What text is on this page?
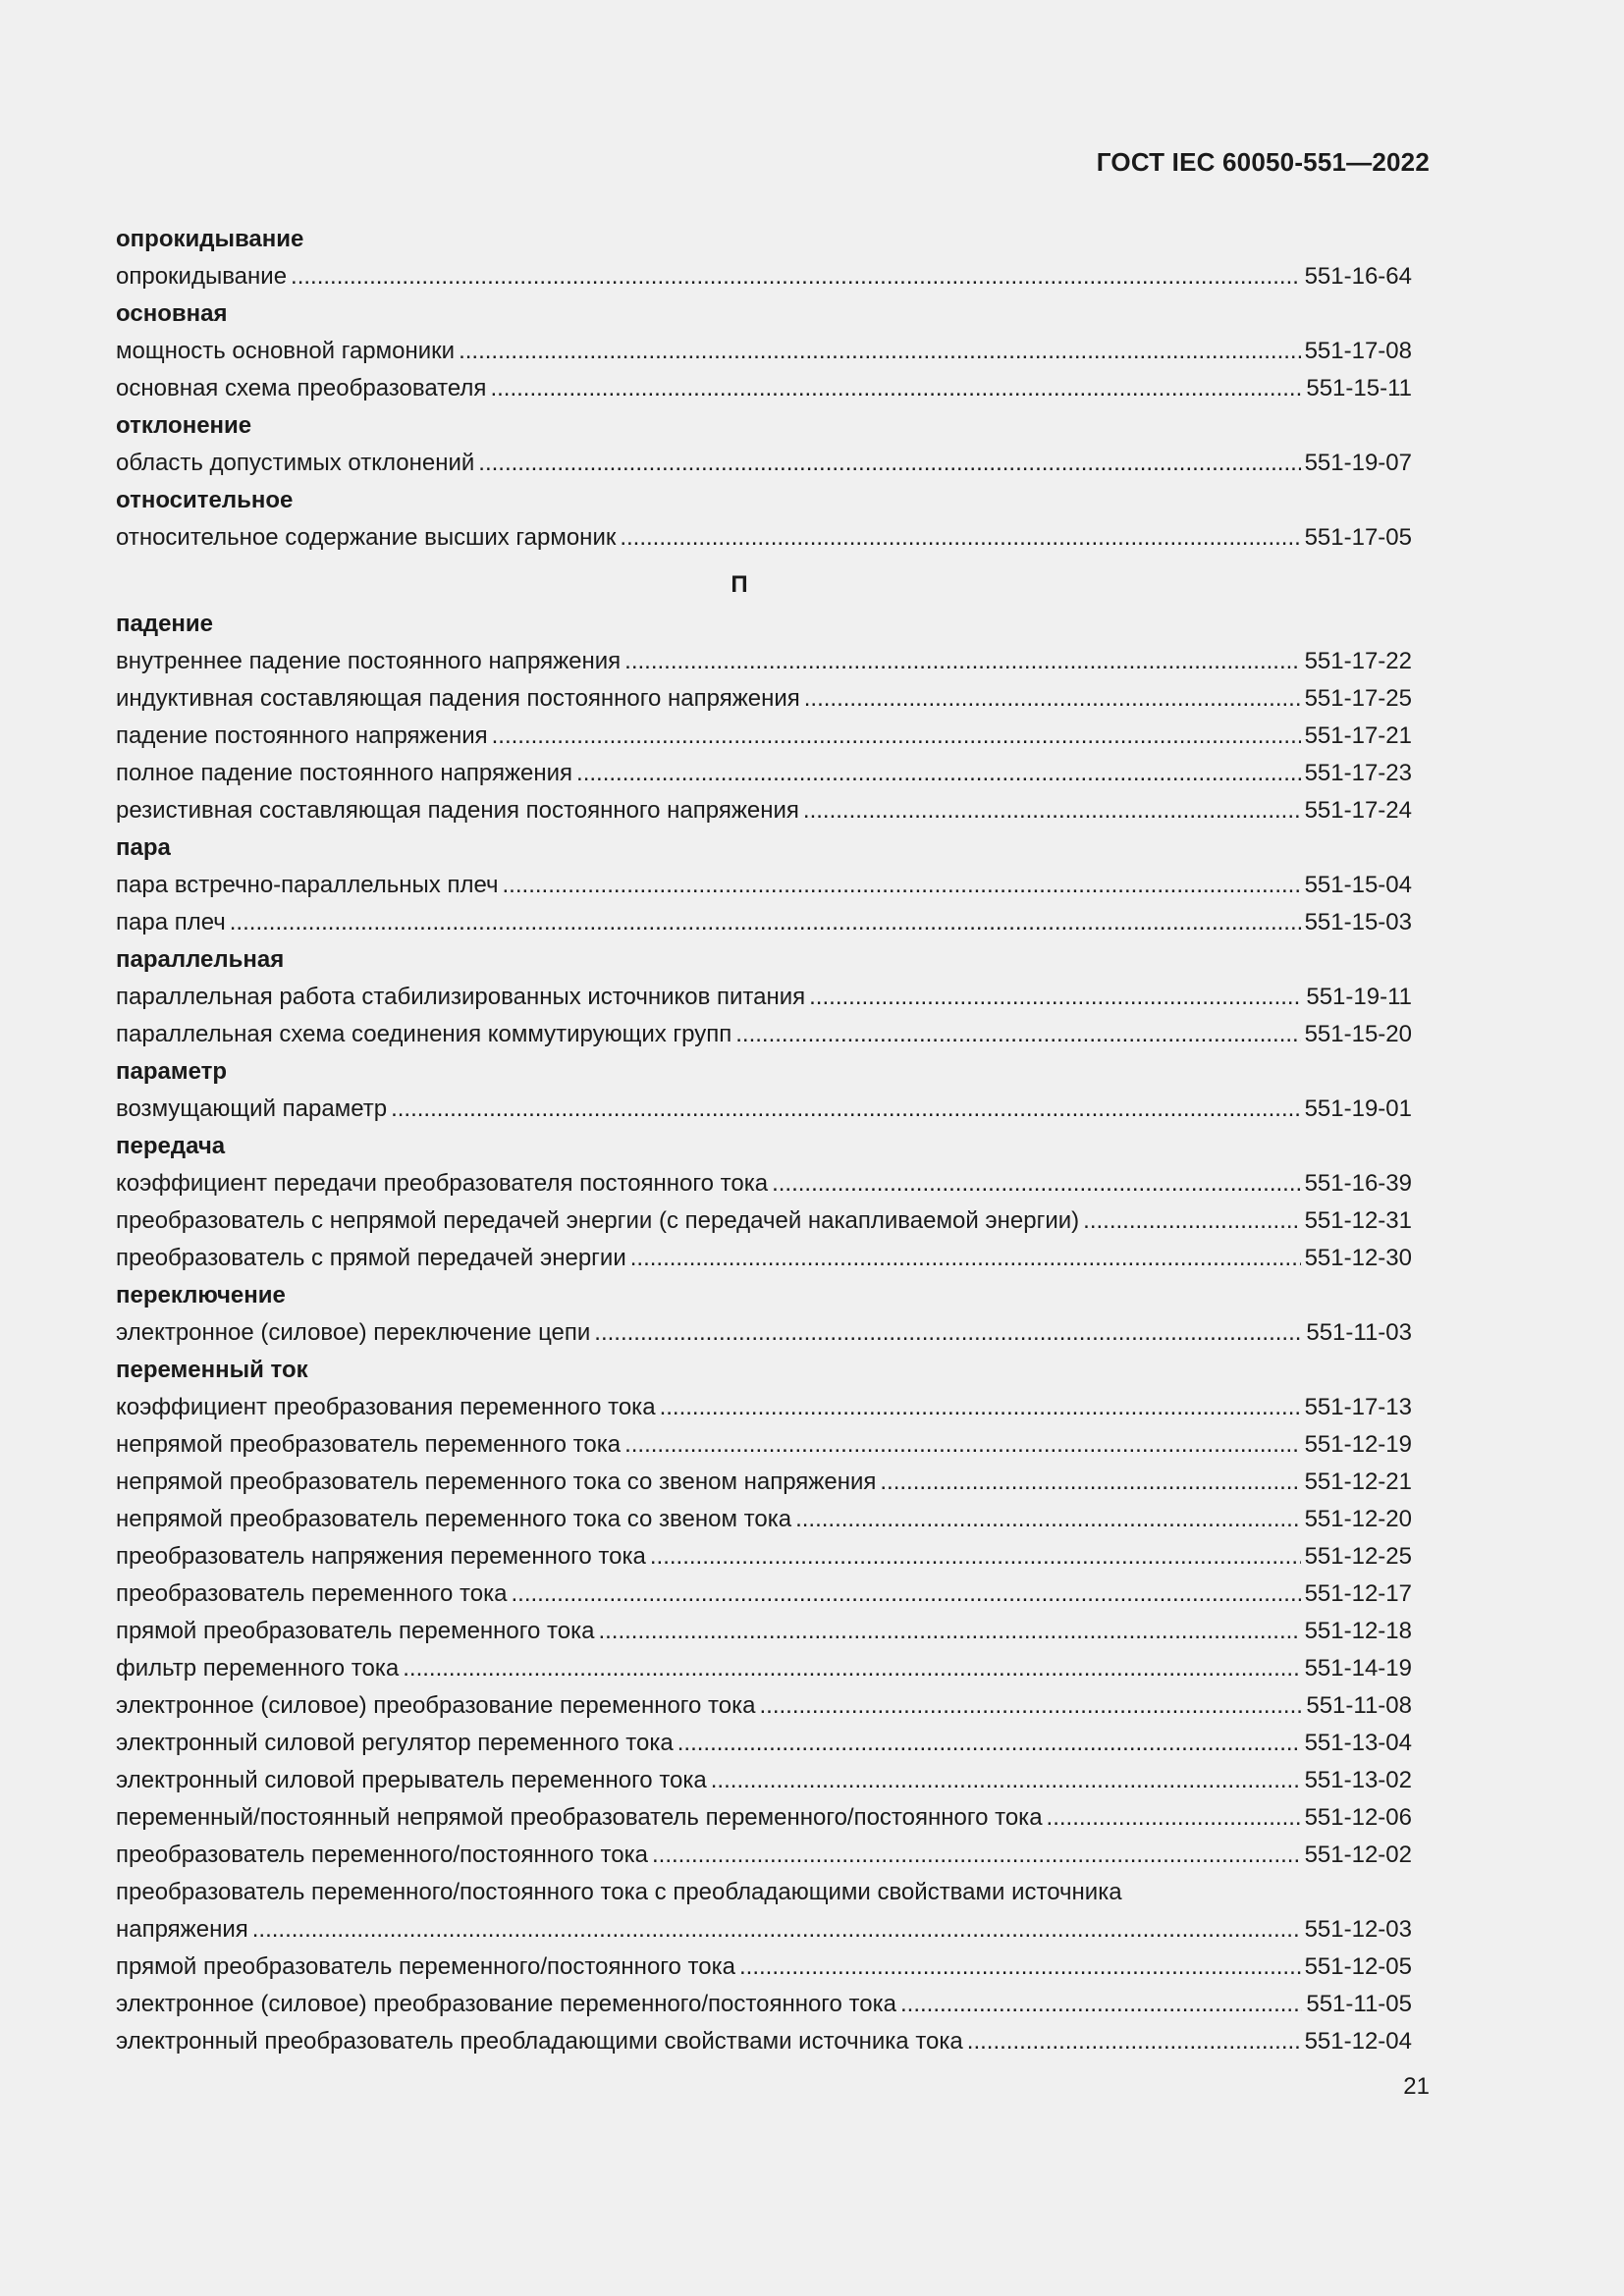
ГОСТ IEC 60050-551—2022
опрокидывание
опрокидывание .....	551-16-64
основная
мощность основной гармоники .....	551-17-08
основная схема преобразователя .....	551-15-11
отклонение
область допустимых отклонений .....	551-19-07
относительное
относительное содержание высших гармоник .....	551-17-05
П
падение
внутреннее падение постоянного напряжения .....	551-17-22
индуктивная составляющая падения постоянного напряжения .....	551-17-25
падение постоянного напряжения .....	551-17-21
полное падение постоянного напряжения .....	551-17-23
резистивная составляющая падения постоянного напряжения .....	551-17-24
пара
пара встречно-параллельных плеч .....	551-15-04
пара плеч .....	551-15-03
параллельная
параллельная работа стабилизированных источников питания .....	551-19-11
параллельная схема соединения коммутирующих групп .....	551-15-20
параметр
возмущающий параметр .....	551-19-01
передача
коэффициент передачи преобразователя постоянного тока .....	551-16-39
преобразователь с непрямой передачей энергии (с передачей накапливаемой энергии) .....	551-12-31
преобразователь с прямой передачей энергии .....	551-12-30
переключение
электронное (силовое) переключение цепи .....	551-11-03
переменный ток
коэффициент преобразования переменного тока .....	551-17-13
непрямой преобразователь переменного тока .....	551-12-19
непрямой преобразователь переменного тока со звеном напряжения .....	551-12-21
непрямой преобразователь переменного тока со звеном тока .....	551-12-20
преобразователь напряжения переменного тока .....	551-12-25
преобразователь переменного тока .....	551-12-17
прямой преобразователь переменного тока .....	551-12-18
фильтр переменного тока .....	551-14-19
электронное (силовое) преобразование переменного тока .....	551-11-08
электронный силовой регулятор переменного тока .....	551-13-04
электронный силовой прерыватель переменного тока .....	551-13-02
переменный/постоянный непрямой преобразователь переменного/постоянного тока .....	551-12-06
преобразователь переменного/постоянного тока .....	551-12-02
преобразователь переменного/постоянного тока с преобладающими свойствами источника
напряжения .....	551-12-03
прямой преобразователь переменного/постоянного тока .....	551-12-05
электронное (силовое) преобразование переменного/постоянного тока .....	551-11-05
электронный преобразователь преобладающими свойствами источника тока .....	551-12-04
21
